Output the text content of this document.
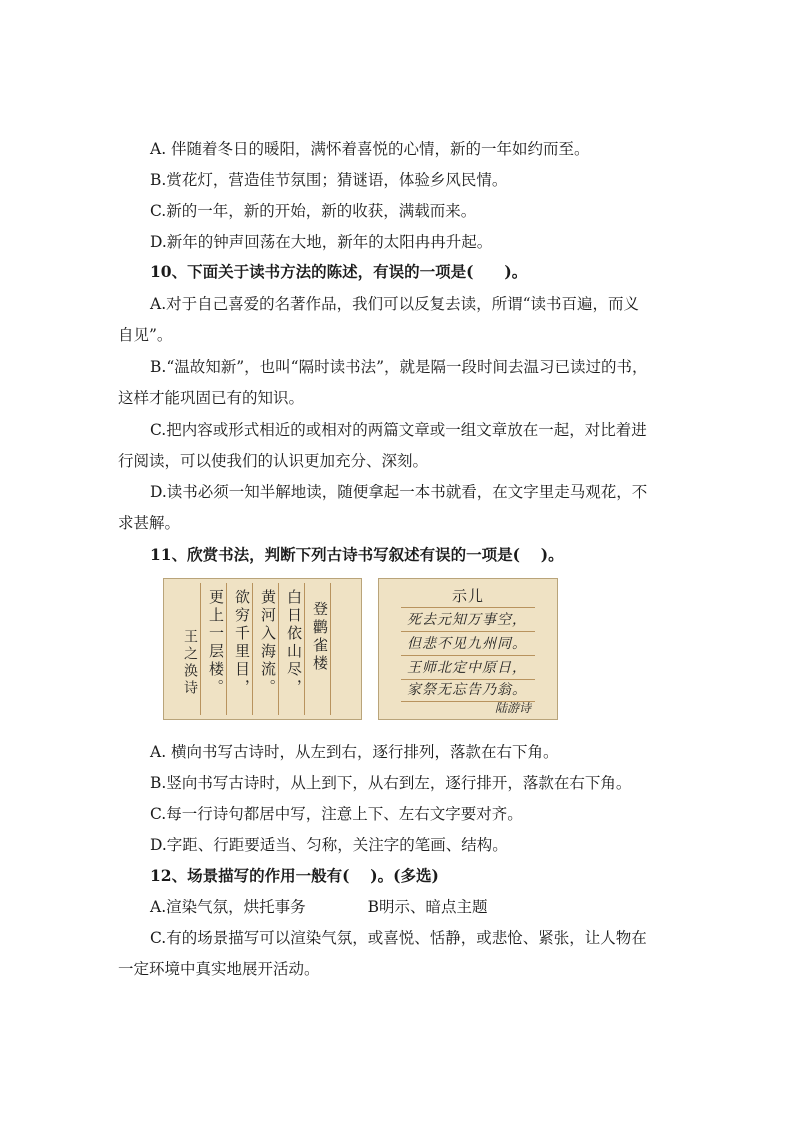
A. 伴随着冬日的暖阳，满怀着喜悦的心情，新的一年如约而至。
B.赏花灯，营造佳节氛围；猜谜语，体验乡风民情。
C.新的一年，新的开始，新的收获，满载而来。
D.新年的钟声回荡在大地，新年的太阳冉冉升起。
10、下面关于读书方法的陈述，有误的一项是(　　)。
A.对于自己喜爱的名著作品，我们可以反复去读，所谓“读书百遍，而义
自见”。
B.“温故知新”，也叫“隔时读书法”，就是隔一段时间去温习已读过的书，
这样才能巩固已有的知识。
C.把内容或形式相近的或相对的两篇文章或一组文章放在一起，对比着进
行阅读，可以使我们的认识更加充分、深刻。
D.读书必须一知半解地读，随便拿起一本书就看，在文字里走马观花，不
求甚解。
11、欣赏书法，判断下列古诗书写叙述有误的一项是(　 )。
登鹳雀楼
白日依山尽，
黄河入海流。
欲穷千里目，
更上一层楼。
王之涣诗
示儿
死去元知万事空，
但悲不见九州同。
王师北定中原日，
家祭无忘告乃翁。
陆游诗
A. 横向书写古诗时，从左到右，逐行排列，落款在右下角。
B.竖向书写古诗时，从上到下，从右到左，逐行排开，落款在右下角。
C.每一行诗句都居中写，注意上下、左右文字要对齐。
D.字距、行距要适当、匀称，关注字的笔画、结构。
12、场景描写的作用一般有(　 )。(多选)
A.渲染气氛，烘托事务　　　　B明示、暗点主题
C.有的场景描写可以渲染气氛，或喜悦、恬静，或悲怆、紧张，让人物在
一定环境中真实地展开活动。
